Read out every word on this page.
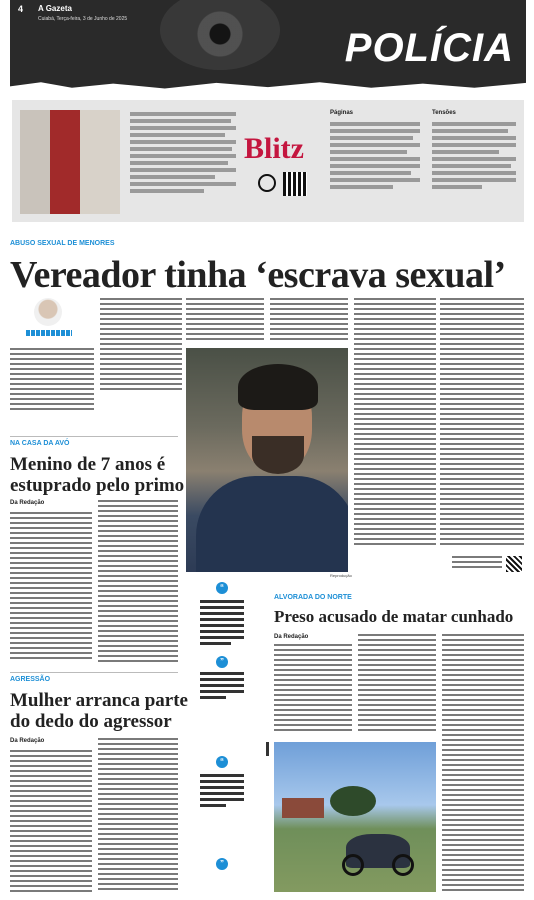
4 A Gazeta
Cuiabá, Terça-feira, 3 de Junho de 2025
POLÍCIA
Blitz
Páginas	Tensões
ABUSO SEXUAL DE MENORES
Vereador tinha ‘escrava sexual’
Reprodução
NA CASA DA AVÓ
Menino de 7 anos é
estuprado pelo primo
Da Redação
AGRESSÃO
Mulher arranca parte
do dedo do agressor
Da Redação
“
”
“
”
ALVORADA DO NORTE
Preso acusado de matar cunhado
Da Redação
